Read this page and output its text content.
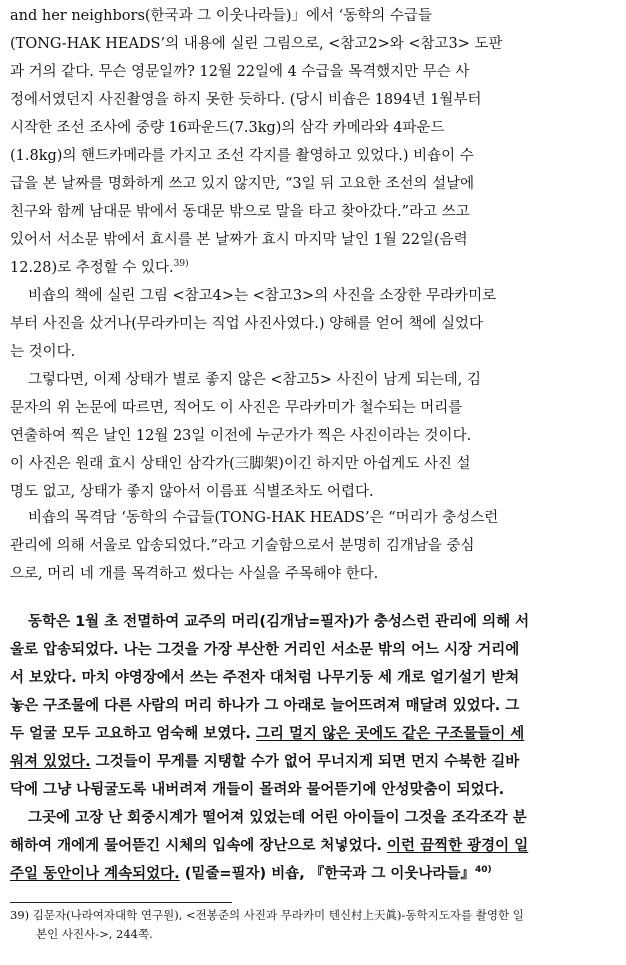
and her neighbors(한국과 그 이웃나라들)」에서 ‘동학의 수급들
(TONG-HAK HEADS’의 내용에 실린 그림으로, <참고2>와 <참고3> 도판
과 거의 같다. 무슨 영문일까? 12월 22일에 4 수급을 목격했지만 무슨 사
정에서였던지 사진촬영을 하지 못한 듯하다. (당시 비숍은 1894년 1월부터
시작한 조선 조사에 중량 16파운드(7.3kg)의 삼각 카메라와 4파운드
(1.8kg)의 핸드카메라를 가지고 조선 각지를 촬영하고 있었다.) 비숍이 수
급을 본 날짜를 명화하게 쓰고 있지 않지만, “3일 뒤 고요한 조선의 설날에
친구와 함께 남대문 밖에서 동대문 밖으로 말을 타고 찾아갔다.”라고 쓰고
있어서 서소문 밖에서 효시를 본 날짜가 효시 마지막 날인 1월 22일(음력
12.28)로 추정할 수 있다.$^{39)}$
비숍의 책에 실린 그림 <참고4>는 <참고3>의 사진을 소장한 무라카미로
부터 사진을 샀거나(무라카미는 직업 사진사였다.) 양해를 얻어 책에 실었다
는 것이다.
그렇다면, 이제 상태가 별로 좋지 않은 <참고5> 사진이 남게 되는데, 김
문자의 위 논문에 따르면, 적어도 이 사진은 무라카미가 철수되는 머리를
연출하여 찍은 날인 12월 23일 이전에 누군가가 찍은 사진이라는 것이다.
이 사진은 원래 효시 상태인 삼각가(三脚架)이긴 하지만 아쉽게도 사진 설
명도 없고, 상태가 좋지 않아서 이름표 식별조차도 어렵다.
비숍의 목격담 ‘동학의 수급들(TONG-HAK HEADS’은 “머리가 충성스런
관리에 의해 서울로 압송되었다.”라고 기술함으로서 분명히 김개남을 중심
으로, 머리 네 개를 목격하고 썼다는 사실을 주목해야 한다.
동학은 1월 초 전멸하여 교주의 머리(김개남=필자)가 충성스런 관리에 의해 서
울로 압송되었다. 나는 그것을 가장 부산한 거리인 서소문 밖의 어느 시장 거리에
서 보았다. 마치 야영장에서 쓰는 주전자 대처럼 나무기둥 세 개로 얼기설기 받쳐
놓은 구조물에 다른 사람의 머리 하나가 그 아래로 늘어뜨려져 매달려 있었다. 그
두 얼굴 모두 고요하고 엄숙해 보였다. 그리 멀지 않은 곳에도 같은 구조물들이 세
워져 있었다. 그것들이 무게를 지탱할 수가 없어 무너지게 되면 먼지 수북한 길바
닥에 그냥 나뒹굴도록 내버려져 개들이 몰려와 물어뜯기에 안성맞춤이 되었다.
그곳에 고장 난 회중시계가 떨어져 있었는데 어린 아이들이 그것을 조각조각 분
해하여 개에게 물어뜯긴 시체의 입속에 장난으로 처넣었다. 이런 끔찍한 광경이 일
주일 동안이나 계속되었다. (밑줄=필자) 비숍, 『한국과 그 이웃나라들』$^{40)}$
39) 김문자(나라여자대학 연구원), <전봉준의 사진과 무라카미 텐신村上天眞)-동학지도자를 촬영한 일
본인 사진사->, 244쪽.
